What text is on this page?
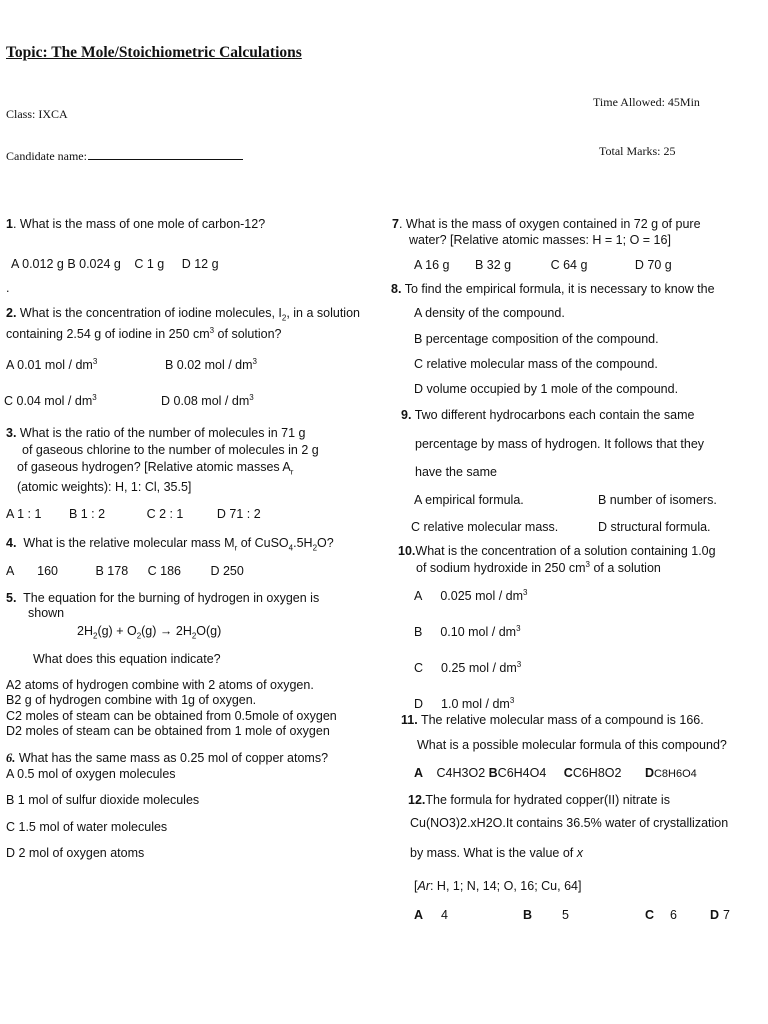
Topic: The Mole/Stoichiometric Calculations
Class: IXCA
Time Allowed: 45Min
Candidate name:	Total Marks: 25
1. What is the mass of one mole of carbon-12?
A 0.012 g B 0.024 g C 1 g D 12 g
.
2. What is the concentration of iodine molecules, $I_2$, in a solution
containing 2.54 g of iodine in 250 $cm^3$ of solution?
A 0.01 mol / $dm^3$	B 0.02 mol / $dm^3$
C 0.04 mol / $dm^3$	D 0.08 mol / $dm^3$
3. What is the ratio of the number of molecules in 71 g
of gaseous chlorine to the number of molecules in 2 g
of gaseous hydrogen? [Relative atomic masses $A_r$
(atomic weights): H, 1: Cl, 35.5]
A 1 : 1 B 1 : 2	C 2 : 1	D 71 : 2
4. What is the relative molecular mass $M_r$ of $CuSO_4.5H_2O$?
A 160	B 178 C 186 D 250
5. The equation for the burning of hydrogen in oxygen is
shown
$2H_2(g) + O_2(g) \to 2H_2O(g)$
What does this equation indicate?
A2 atoms of hydrogen combine with 2 atoms of oxygen.
B2 g of hydrogen combine with 1g of oxygen.
C2 moles of steam can be obtained from 0.5mole of oxygen
D2 moles of steam can be obtained from 1 mole of oxygen
6. What has the same mass as 0.25 mol of copper atoms?
A 0.5 mol of oxygen molecules
B 1 mol of sulfur dioxide molecules
C 1.5 mol of water molecules
D 2 mol of oxygen atoms
7. What is the mass of oxygen contained in 72 g of pure
water? [Relative atomic masses: H = 1; O = 16]
A 16 g B 32 g	C 64 g	D 70 g
8. To find the empirical formula, it is necessary to know the
A density of the compound.
B percentage composition of the compound.
C relative molecular mass of the compound.
D volume occupied by 1 mole of the compound.
9. Two different hydrocarbons each contain the same
percentage by mass of hydrogen. It follows that they
have the same
A empirical formula.	B number of isomers.
C relative molecular mass.	D structural formula.
10.What is the concentration of a solution containing 1.0g
of sodium hydroxide in 250 $cm^3$ of a solution
A 0.025 mol / $dm^3$
B 0.10 mol / $dm^3$
C 0.25 mol / $dm^3$
D 1.0 mol / $dm^3$
11. The relative molecular mass of a compound is 166.
What is a possible molecular formula of this compound?
A C4H3O2 BC6H4O4 CC6H8O2 DC8H6O4
12.The formula for hydrated copper(II) nitrate is
Cu(NO3)2.xH2O.It contains 36.5% water of crystallization
by mass. What is the value of x
[Ar: H, 1; N, 14; O, 16; Cu, 64]
A 4	B 5	C 6	D 7
